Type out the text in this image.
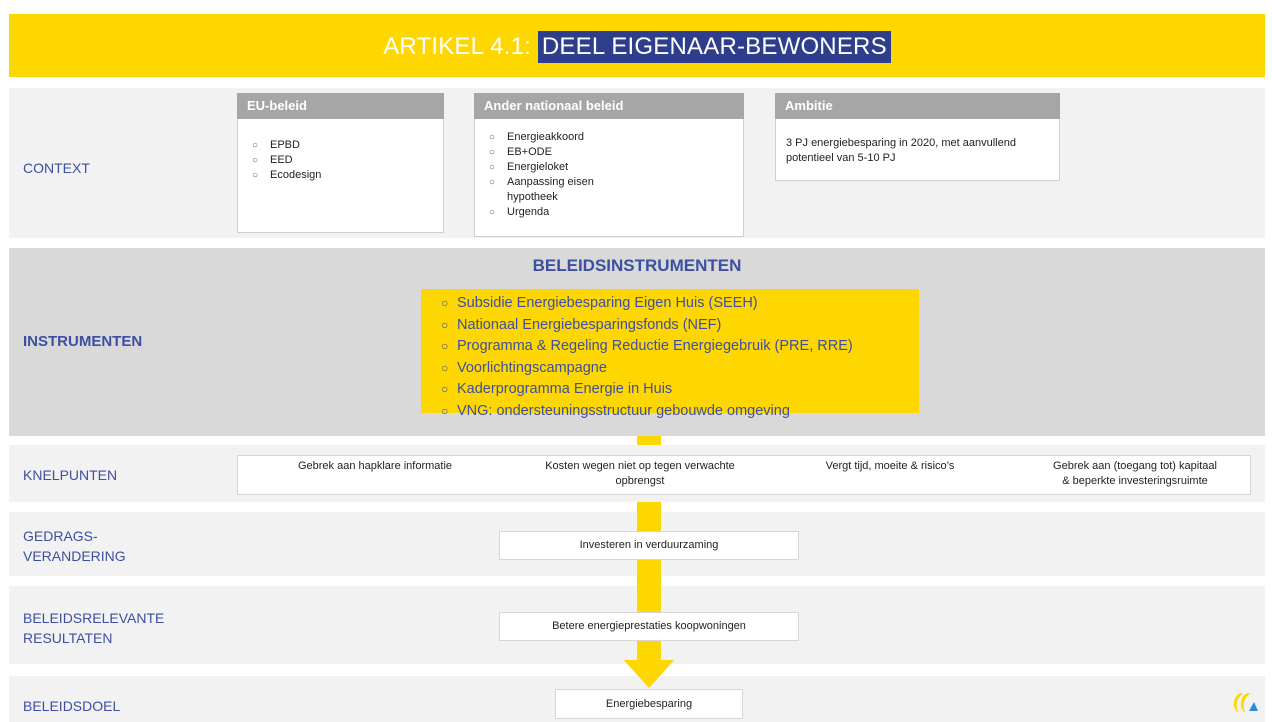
ARTIKEL 4.1: DEEL EIGENAAR-BEWONERS
CONTEXT
EU-beleid
○ EPBD
○ EED
○ Ecodesign
Ander nationaal beleid
○ Energieakkoord
○ EB+ODE
○ Energieloket
○ Aanpassing eisen
hypotheek
○ Urgenda
Ambitie
3 PJ energiebesparing in 2020, met aanvullend
potentieel van 5-10 PJ
INSTRUMENTEN
BELEIDSINSTRUMENTEN
○ Subsidie Energiebesparing Eigen Huis (SEEH)
○ Nationaal Energiebesparingsfonds (NEF)
○ Programma & Regeling Reductie Energiegebruik (PRE, RRE)
○ Voorlichtingscampagne
○ Kaderprogramma Energie in Huis
○ VNG: ondersteuningsstructuur gebouwde omgeving
KNELPUNTEN
Gebrek aan hapklare informatie	Kosten wegen niet op tegen verwachte
opbrengst
Vergt tijd, moeite & risico’s	Gebrek aan (toegang tot) kapitaal
& beperkte investeringsruimte
GEDRAGS-
VERANDERING
Investeren in verduurzaming
BELEIDSRELEVANTE
RESULTATEN
Betere energieprestaties koopwoningen
BELEIDSDOEL	Energiebesparing
